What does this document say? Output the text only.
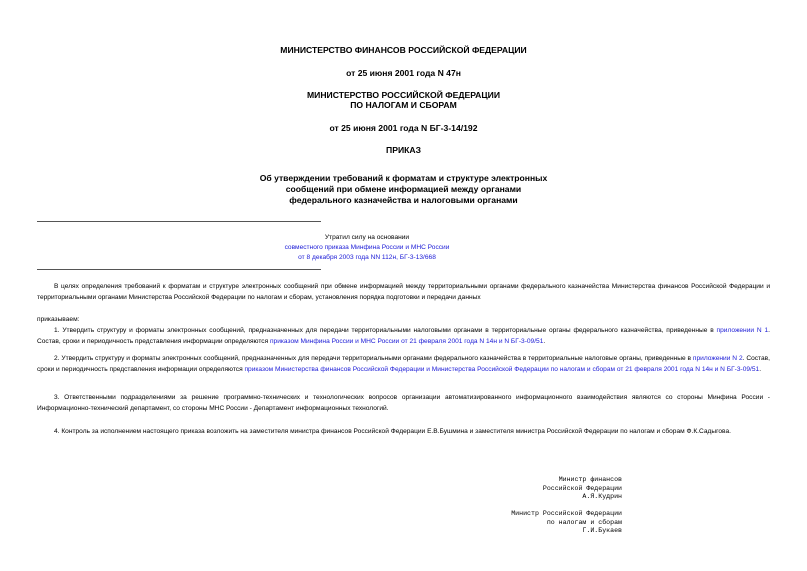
МИНИСТЕРСТВО ФИНАНСОВ РОССИЙСКОЙ ФЕДЕРАЦИИ
от 25 июня 2001 года N 47н
МИНИСТЕРСТВО РОССИЙСКОЙ ФЕДЕРАЦИИ
ПО НАЛОГАМ И СБОРАМ
от 25 июня 2001 года N БГ-3-14/192
ПРИКАЗ
Об утверждении требований к форматам и структуре электронных
сообщений при обмене информацией между органами
федерального казначейства и налоговыми органами
Утратил силу на основании
совместного приказа Минфина России и МНС России
от 8 декабря 2003 года NN 112н, БГ-3-13/668
В целях определения требований к форматам и структуре электронных сообщений при обмене информацией между территориальными органами федерального казначейства Министерства финансов Российской Федерации и территориальными органами Министерства Российской Федерации по налогам и сборам, установления порядка подготовки и передачи данных
приказываем:
1. Утвердить структуру и форматы электронных сообщений, предназначенных для передачи территориальными налоговыми органами в территориальные органы федерального казначейства, приведенные в приложении N 1. Состав, сроки и периодичность представления информации определяются приказом Минфина России и МНС России от 21 февраля 2001 года N 14н и N БГ-3-09/51.
2. Утвердить структуру и форматы электронных сообщений, предназначенных для передачи территориальными органами федерального казначейства в территориальные налоговые органы, приведенные в приложении N 2. Состав, сроки и периодичность представления информации определяются приказом Министерства финансов Российской Федерации и Министерства Российской Федерации по налогам и сборам от 21 февраля 2001 года N 14н и N БГ-3-09/51.
3. Ответственными подразделениями за решение программно-технических и технологических вопросов организации автоматизированного информационного взаимодействия являются со стороны Минфина России - Информационно-технический департамент, со стороны МНС России - Департамент информационных технологий.
4. Контроль за исполнением настоящего приказа возложить на заместителя министра финансов Российской Федерации Е.В.Бушмина и заместителя министра Российской Федерации по налогам и сборам Ф.К.Садыгова.
Министр финансов
Российской Федерации
А.Я.Кудрин
Министр Российской Федерации
по налогам и сборам
Г.И.Букаев
